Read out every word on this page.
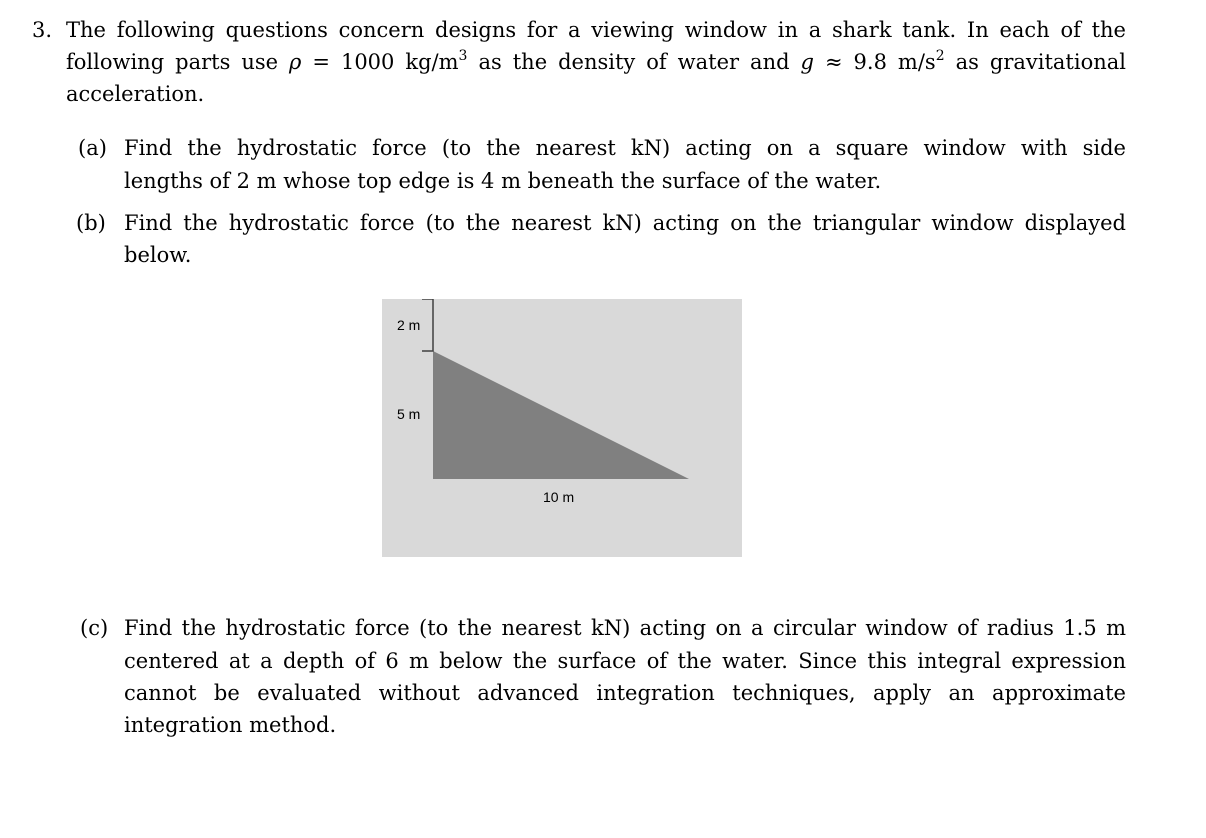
3. The following questions concern designs for a viewing window in a shark tank. In each of the
following parts use ρ = 1000 $kg/m^3$ as the density of water and g ≈ 9.8 $m/s^2$ as gravitational
acceleration.
(a) Find the hydrostatic force (to the nearest kN) acting on a square window with side
lengths of 2 m whose top edge is 4 m beneath the surface of the water.
(b) Find the hydrostatic force (to the nearest kN) acting on the triangular window displayed
below.
2 m
5 m
10 m
(c) Find the hydrostatic force (to the nearest kN) acting on a circular window of radius 1.5 m
centered at a depth of 6 m below the surface of the water. Since this integral expression
cannot be evaluated without advanced integration techniques, apply an approximate
integration method.
